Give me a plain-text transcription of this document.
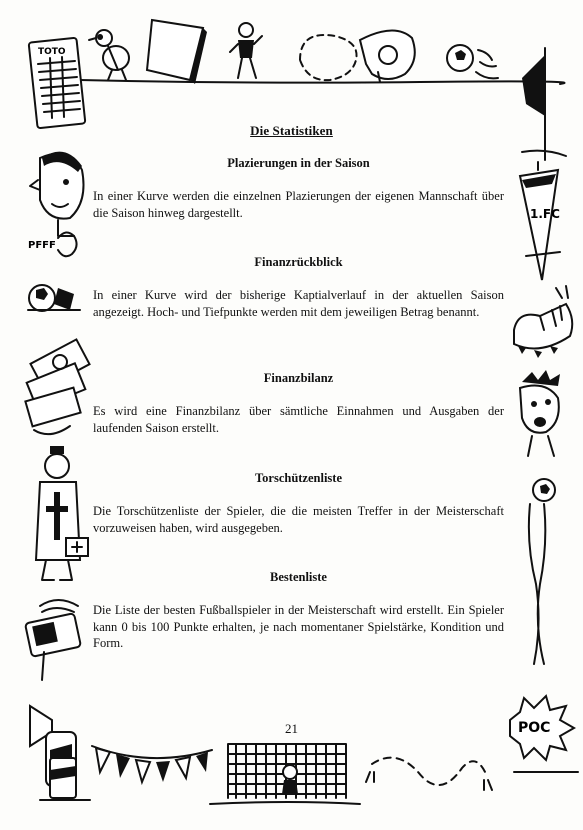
TOTO
PFFF
1.FC
POC
Die Statistiken
Plazierungen in der Saison

In einer Kurve werden die einzelnen Plazierungen der eigenen Mannschaft über die Saison hinweg dargestellt.

Finanzrückblick

In einer Kurve wird der bisherige Kaptialverlauf in der aktuellen Saison angezeigt. Hoch- und Tiefpunkte werden mit dem jeweiligen Betrag benannt.

Finanzbilanz

Es wird eine Finanzbilanz über sämtliche Einnahmen und Ausgaben der laufenden Saison erstellt.

Torschützenliste

Die Torschützenliste der Spieler, die die meisten Treffer in der Meisterschaft vorzuweisen haben, wird ausgegeben.

Bestenliste

Die Liste der besten Fußballspieler in der Meisterschaft wird erstellt. Ein Spieler kann 0 bis 100 Punkte erhalten, je nach momentaner Spielstärke, Kondition und Form.

21
